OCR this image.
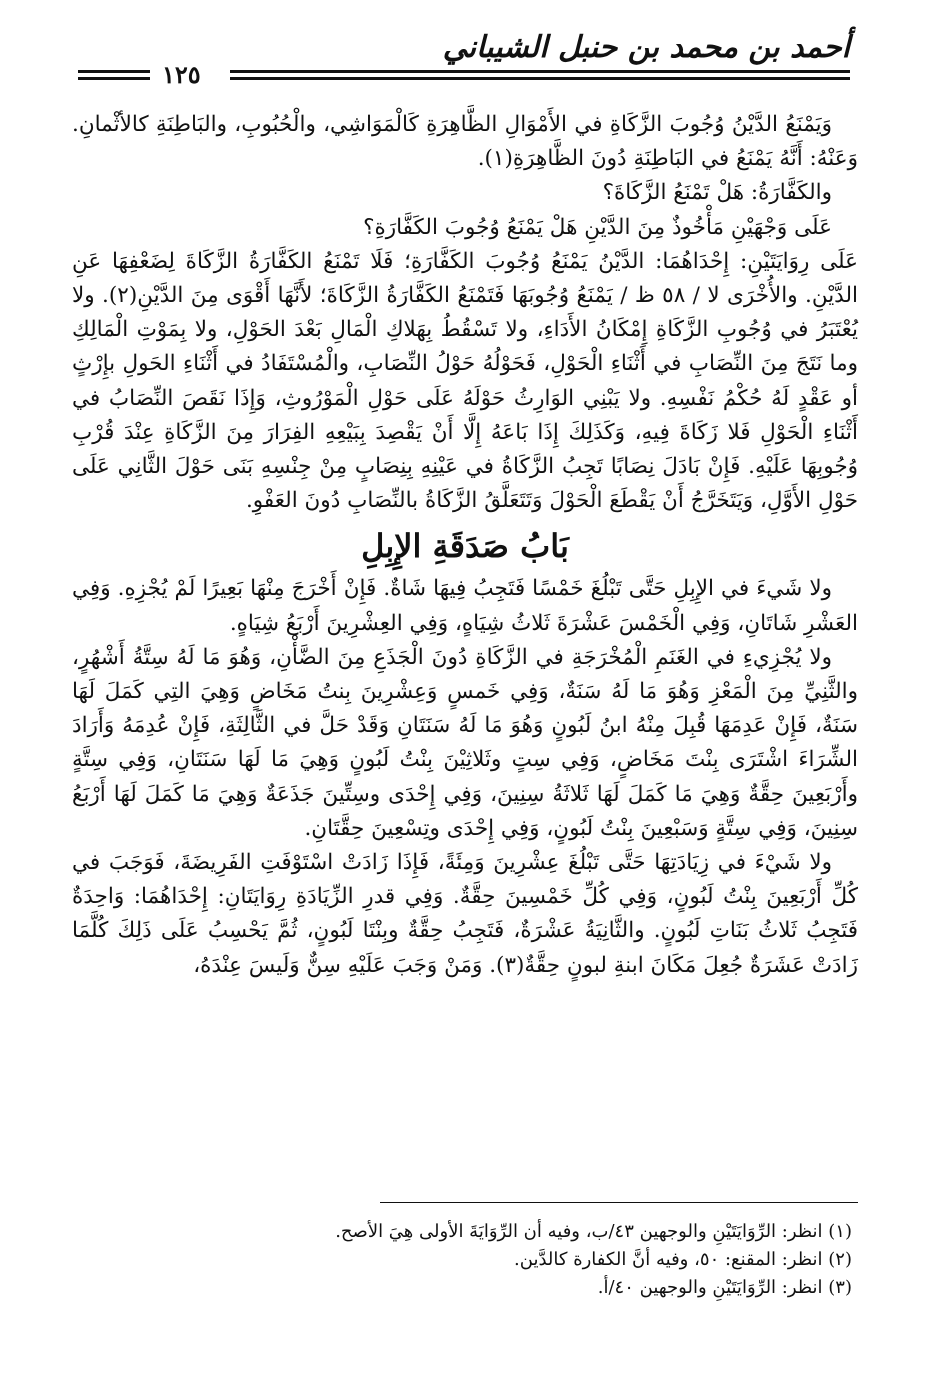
أحمد بن محمد بن حنبل الشيباني
١٢٥

وَيَمْنَعُ الدَّيْنُ وُجُوبَ الزَّكَاةِ في الأَمْوَالِ الظَّاهِرَةِ كَالْمَوَاشِي، والْحُبُوبِ، والبَاطِنَةِ كالأثْمانِ. وَعَنْهُ: أَنَّهُ يَمْنَعُ في البَاطِنَةِ دُونَ الظَّاهِرَةِ(١).

والكَفَّارَةُ: هَلْ تَمْنَعُ الزَّكَاةَ؟

عَلَى وَجْهَيْنِ مَأْخُوذٌ مِنَ الدَّيْنِ هَلْ يَمْنَعُ وُجُوبَ الكَفَّارَةِ؟

عَلَى رِوَايَتَيْنِ: إِحْدَاهُمَا: الدَّيْنُ يَمْنَعُ وُجُوبَ الكَفَّارَةِ؛ فَلَا تَمْنَعُ الكَفَّارَةُ الزَّكَاةَ لِضَعْفِهَا عَنِ الدَّيْنِ. والأُخْرَى لا / ٥٨ ظ / يَمْنَعُ وُجُوبَهَا فَتَمْنَعُ الكَفَّارَةُ الزَّكَاةَ؛ لأَنَّهَا أَقْوَى مِنَ الدَّيْنِ(٢). ولا يُعْتَبَرُ في وُجُوبِ الزَّكَاةِ إِمْكَانُ الأَدَاءِ، ولا تَسْقُطُ بِهَلاكِ الْمَالِ بَعْدَ الحَوْلِ، ولا بِمَوْتِ الْمَالِكِ وما نَتَجَ مِنَ النِّصَابِ في أَثْنَاءِ الْحَوْلِ، فَحَوْلُهُ حَوْلُ النِّصَابِ، والْمُسْتَفَادُ في أَثْنَاءِ الحَولِ بإِرْثٍ أو عَقْدٍ لَهُ حُكْمُ نَفْسِهِ. ولا يَبْنِي الوَارِثُ حَوْلَهُ عَلَى حَوْلِ الْمَوْرُوثِ، وَإِذَا نَقَصَ النِّصَابُ في أَثْنَاءِ الْحَوْلِ فَلا زَكَاةَ فِيهِ، وَكَذَلِكَ إِذَا بَاعَهُ إِلَّا أَنْ يَقْصِدَ بِبَيْعِهِ الفِرَارَ مِنَ الزَّكَاةِ عِنْدَ قُرْبِ وُجُوبِهَا عَلَيْهِ. فَإِنْ بَادَلَ نِصَابًا تَجِبُ الزَّكَاةُ في عَيْنِهِ بِنِصَابٍ مِنْ جِنْسِهِ بَنَى حَوْلَ الثَّانِي عَلَى حَوْلِ الأَوَّلِ، وَيَتَخَرَّجُ أَنْ يَقْطَعَ الْحَوْلَ وَتَتَعَلَّقُ الزَّكَاةُ بالنِّصَابِ دُونَ العَفْوِ.

بَابُ صَدَقَةِ الإِبِلِ

ولا شَيءَ في الإِبِلِ حَتَّى تَبْلُغَ خَمْسًا فَتَجِبُ فِيهَا شَاةٌ. فَإِنْ أَخْرَجَ مِنْهَا بَعِيرًا لَمْ يُجْزِهِ. وَفِي العَشْرِ شَاتَانِ، وَفِي الْخَمْسَ عَشْرَةَ ثَلاثُ شِيَاهٍ، وَفِي العِشْرِينَ أَرْبَعُ شِيَاهٍ.

ولا يُجْزِيءِ في الغَنَمِ الْمُخْرَجَةِ في الزَّكَاةِ دُونَ الْجَذَعِ مِنَ الضَّأْنِ، وَهُوَ مَا لَهُ سِتَّةُ أَشْهُرٍ، والثَّنِيِّ مِنَ الْمَعْزِ وَهُوَ مَا لَهُ سَنَةٌ، وَفِي خَمسٍ وَعِشْرِينَ بِنتُ مَخَاضٍ وَهِيَ التِي كَمَلَ لَهَا سَنَةٌ، فَإِنْ عَدِمَهَا قُبِلَ مِنْهُ ابنُ لَبُونٍ وَهُوَ مَا لَهُ سَنَتَانِ وَقَدْ حَلَّ في الثَّالِثَةِ، فَإِنْ عُدِمَهُ وَأَرَادَ الشِّرَاءَ اشْتَرَى بِنْتَ مَخَاضٍ، وَفِي سِتٍ وثَلاثِيْنَ بِنْتُ لَبُونٍ وَهِيَ مَا لَهَا سَنَتَانِ، وَفِي سِتَّةٍ وأَرْبَعِينَ حِقَّةٌ وَهِيَ مَا كَمَلَ لَهَا ثَلاثَةُ سِنِينَ، وَفِي إِحْدَى وسِتِّينَ جَذَعَةٌ وَهِيَ مَا كَمَلَ لَهَا أَرْبَعُ سِنِينَ، وَفِي سِتَّةٍ وَسَبْعِينَ بِنْتُ لَبُونٍ، وَفِي إِحْدَى وتِسْعِينَ حِقَّتَانِ.

ولا شَيْءَ في زِيَادَتِهَا حَتَّى تَبْلُغَ عِشْرِينَ وَمِئَةً، فَإِذَا زَادَتْ اسْتَوْفَتِ الفَرِيضَةَ، فَوَجَبَ في كُلِّ أَرْبَعِينَ بِنْتُ لَبُونٍ، وَفِي كُلِّ خَمْسِينَ حِقَّةٌ. وَفِي قدرِ الزِّيَادَةِ رِوَايَتَانِ: إِحْدَاهُمَا: وَاحِدَةٌ فَتَجِبُ ثَلاثُ بَنَاتِ لَبُونٍ. والثَّانِيَةُ عَشْرَةٌ، فَتَجِبُ حِقَّةٌ وبِنْتَا لَبُونٍ، ثُمَّ يَحْسِبُ عَلَى ذَلِكَ كُلَّمَا زَادَتْ عَشَرَةٌ جُعِلَ مَكَانَ ابنةِ لبونٍ حِقَّةٌ(٣). وَمَنْ وَجَبَ عَلَيْهِ سِنٌّ وَلَيسَ عِنْدَهُ،

(١) انظر: الرِّوَايَتَيْنِ والوجهين ٤٣/ب، وفيه أن الرِّوَايَةَ الأولى هِيَ الأصح.
(٢) انظر: المقنع: ٥٠، وفيه أنَّ الكفارة كالدَّين.
(٣) انظر: الرِّوَايَتَيْنِ والوجهين ٤٠/أ.
